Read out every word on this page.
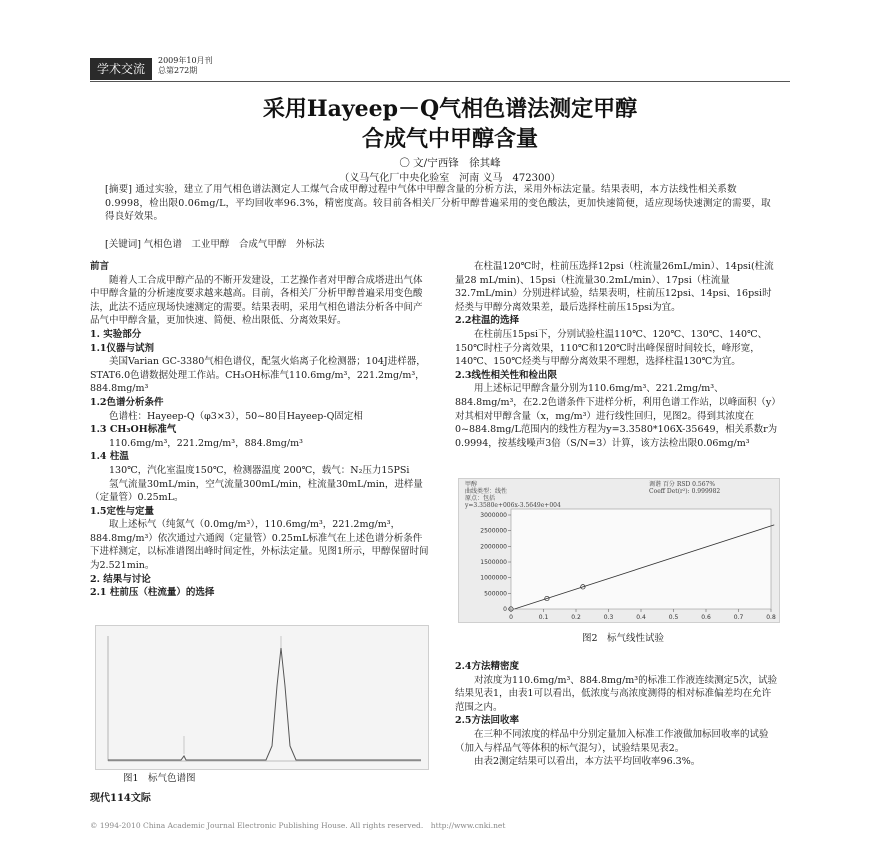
学术交流
2009年10月刊
总第272期
采用Hayeep－Q气相色谱法测定甲醇
合成气中甲醇含量
〇 文/宁西锋　徐其峰
（义马气化厂中央化验室　河南 义马　472300）
[摘要] 通过实验，建立了用气相色谱法测定人工煤气合成甲醇过程中气体中甲醇含量的分析方法，采用外标法定量。结果表明，本方法线性相关系数0.9998，检出限0.06mg/L，平均回收率96.3%，精密度高。较目前各相关厂分析甲醇普遍采用的变色酸法，更加快速简便，适应现场快速测定的需要，取得良好效果。
[关键词] 气相色谱　工业甲醇　合成气甲醇　外标法

前言

随着人工合成甲醇产品的不断开发建设，工艺操作者对甲醇合成塔进出气体中甲醇含量的分析速度要求越来越高。目前，各相关厂分析甲醇普遍采用变色酸法，此法不适应现场快速测定的需要。结果表明，采用气相色谱法分析各中间产品气中甲醇含量，更加快速、简便、检出限低、分离效果好。

1. 实验部分

1.1仪器与试剂

美国Varian GC-3380气相色谱仪，配氢火焰离子化检测器；104J进样器，STAT6.0色谱数据处理工作站。CH₃OH标准气110.6mg/m³，221.2mg/m³，884.8mg/m³

1.2色谱分析条件

色谱柱：Hayeep-Q（φ3×3），50~80目Hayeep-Q固定相

1.3 CH₃OH标准气

110.6mg/m³，221.2mg/m³，884.8mg/m³

1.4 柱温

130℃，汽化室温度150℃，检测器温度 200℃，载气：N₂压力15PSi

氢气流量30mL/min，空气流量300mL/min，柱流量30mL/min，进样量（定量管）0.25mL。

1.5定性与定量

取上述标气（纯氮气（0.0mg/m³），110.6mg/m³，221.2mg/m³，884.8mg/m³）依次通过六通阀（定量管）0.25mL标准气在上述色谱分析条件下进样测定，以标准谱图出峰时间定性，外标法定量。见图1所示，甲醇保留时间为2.521min。

2. 结果与讨论

2.1 柱前压（柱流量）的选择

图1　标气色谱图

在柱温120℃时，柱前压选择12psi（柱流量26mL/min）、14psi(柱流量28 mL/min)、15psi（柱流量30.2mL/min）、17psi（柱流量32.7mL/min）分别进样试验，结果表明，柱前压12psi、14psi、16psi时烃类与甲醇分离效果差，最后选择柱前压15psi为宜。

2.2柱温的选择

在柱前压15psi下，分别试验柱温110℃、120℃、130℃、140℃、150℃时柱子分离效果，110℃和120℃时出峰保留时间较长，峰形宽，140℃、150℃烃类与甲醇分离效果不理想，选择柱温130℃为宜。

2.3线性相关性和检出限

用上述标记甲醇含量分别为110.6mg/m³、221.2mg/m³、884.8mg/m³，在2.2色谱条件下进样分析，利用色谱工作站，以峰面积（y）对其相对甲醇含量（x，mg/m³）进行线性回归，见图2。得到其浓度在0~884.8mg/L范围内的线性方程为y=3.3580*106X-35649，相关系数r为0.9994，按基线噪声3倍（S/N=3）计算，该方法检出限0.06mg/m³

甲醇
曲线类型：线性
原点：包括
y=3.3580e+006x-3.5649e+004
调谐 百分 RSD 0.567%
Coeff Det(r²): 0.999982
3000000
2500000
2000000
1500000
1000000
500000
0
0	0.1	0.2	0.3	0.4	0.5	0.6	0.7	0.8
图2　标气线性试验

2.4方法精密度

对浓度为110.6mg/m³、884.8mg/m³的标准工作液连续测定5次，试验结果见表1，由表1可以看出，低浓度与高浓度测得的相对标准偏差均在允许范围之内。

2.5方法回收率

在三种不同浓度的样品中分别定量加入标准工作液做加标回收率的试验（加入与样品气等体积的标气混匀），试验结果见表2。

由表2测定结果可以看出，本方法平均回收率96.3%。

现代114文际
© 1994-2010 China Academic Journal Electronic Publishing House. All rights reserved.　http://www.cnki.net
